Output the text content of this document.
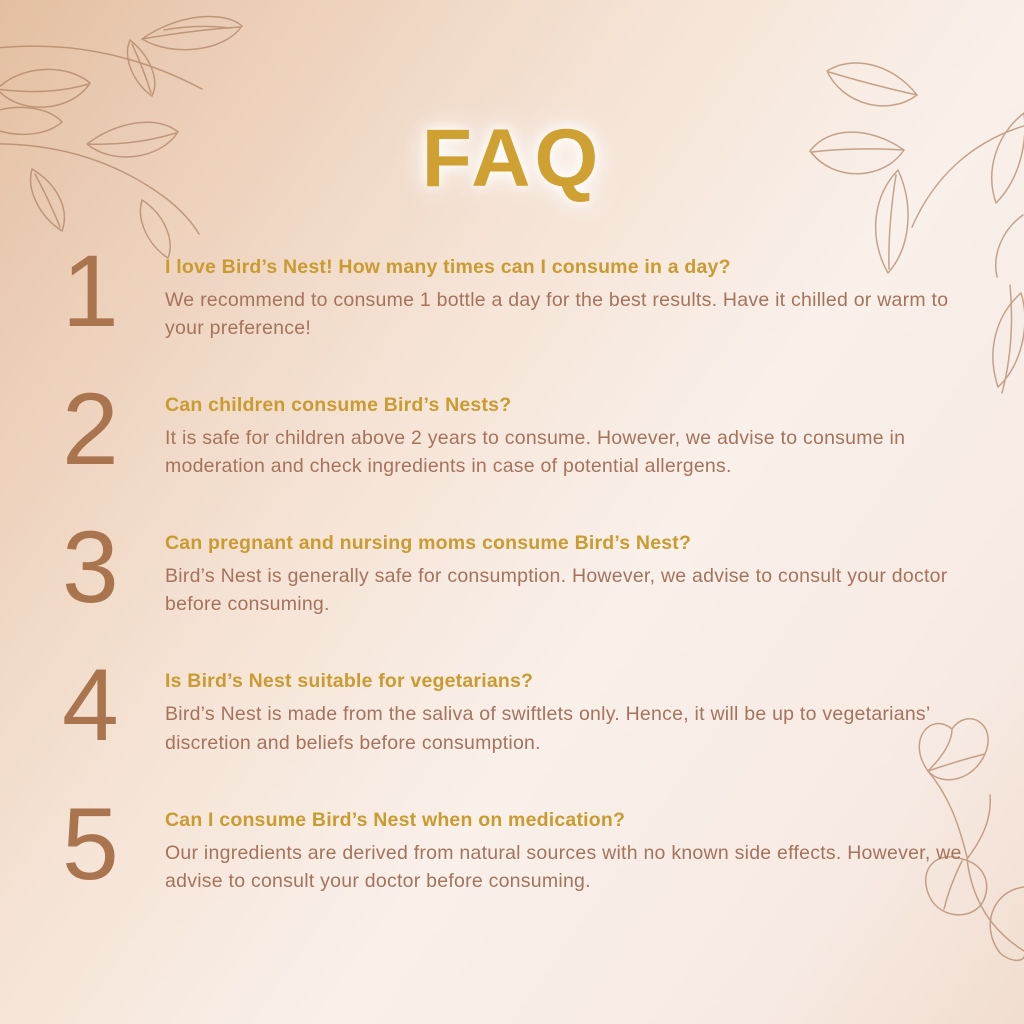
FAQ
1	I love Bird’s Nest! How many times can I consume in a day?

We recommend to consume 1 bottle a day for the best results. Have it chilled or warm to your preference!

2	Can children consume Bird’s Nests?

It is safe for children above 2 years to consume. However, we advise to consume in moderation and check ingredients in case of potential allergens.

3	Can pregnant and nursing moms consume Bird’s Nest?

Bird’s Nest is generally safe for consumption. However, we advise to consult your doctor before consuming.

4	Is Bird’s Nest suitable for vegetarians?

Bird’s Nest is made from the saliva of swiftlets only. Hence, it will be up to vegetarians’ discretion and beliefs before consumption.

5	Can I consume Bird’s Nest when on medication?

Our ingredients are derived from natural sources with no known side effects. However, we advise to consult your doctor before consuming.
